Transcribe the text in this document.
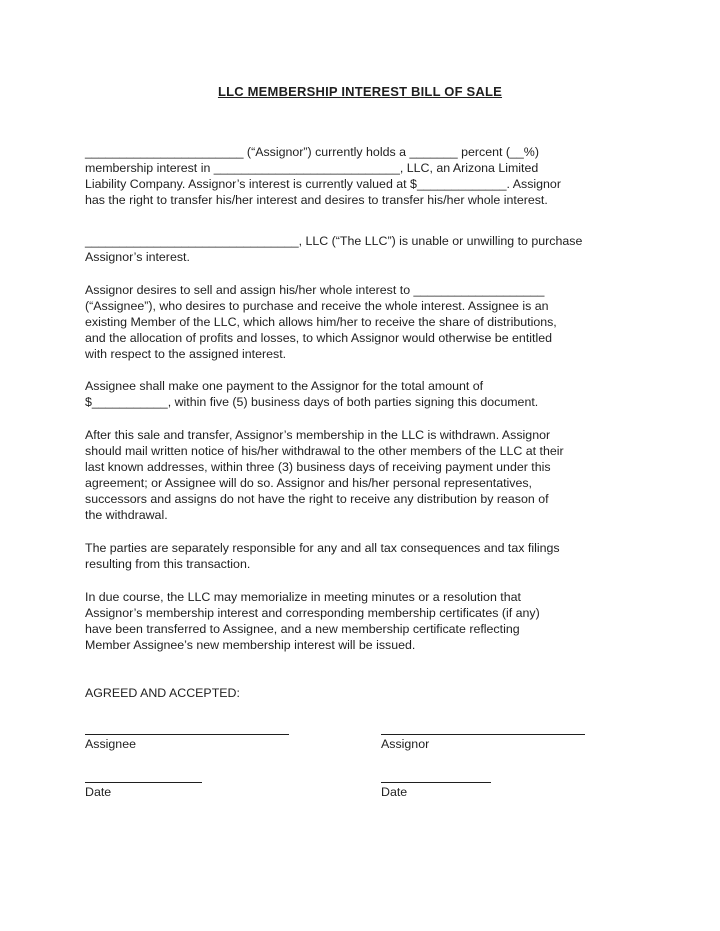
LLC MEMBERSHIP INTEREST BILL OF SALE
_______________________ (“Assignor”) currently holds a _______ percent (__%)
membership interest in ___________________________, LLC, an Arizona Limited
Liability Company. Assignor’s interest is currently valued at $_____________. Assignor
has the right to transfer his/her interest and desires to transfer his/her whole interest.
_______________________________, LLC (“The LLC”) is unable or unwilling to purchase
Assignor’s interest.
Assignor desires to sell and assign his/her whole interest to ___________________
(“Assignee”), who desires to purchase and receive the whole interest. Assignee is an
existing Member of the LLC, which allows him/her to receive the share of distributions,
and the allocation of profits and losses, to which Assignor would otherwise be entitled
with respect to the assigned interest.
Assignee shall make one payment to the Assignor for the total amount of
$___________, within five (5) business days of both parties signing this document.
After this sale and transfer, Assignor’s membership in the LLC is withdrawn. Assignor
should mail written notice of his/her withdrawal to the other members of the LLC at their
last known addresses, within three (3) business days of receiving payment under this
agreement; or Assignee will do so. Assignor and his/her personal representatives,
successors and assigns do not have the right to receive any distribution by reason of
the withdrawal.
The parties are separately responsible for any and all tax consequences and tax filings
resulting from this transaction.
In due course, the LLC may memorialize in meeting minutes or a resolution that
Assignor’s membership interest and corresponding membership certificates (if any)
have been transferred to Assignee, and a new membership certificate reflecting
Member Assignee’s new membership interest will be issued.
AGREED AND ACCEPTED:
Assignee	Assignor
Date	Date
